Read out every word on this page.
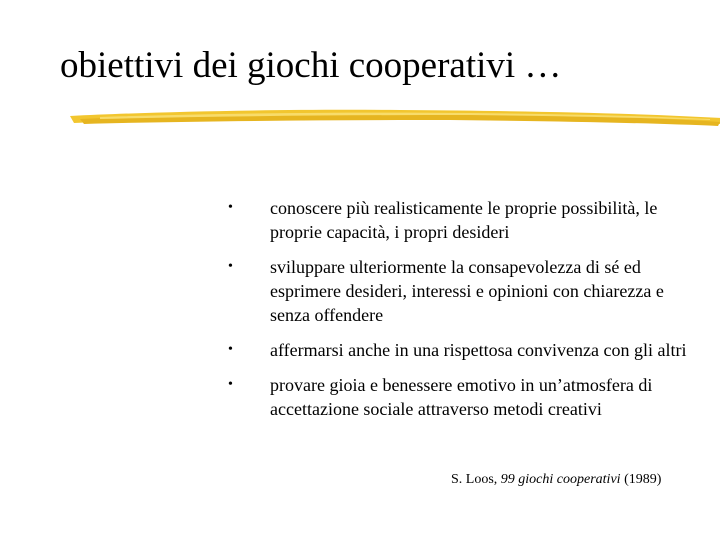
obiettivi dei giochi cooperativi …
• conoscere più realisticamente le proprie possibilità, le proprie capacità, i propri desideri
• sviluppare ulteriormente la consapevolezza di sé ed esprimere desideri, interessi e opinioni con chiarezza e senza offendere
• affermarsi anche in una rispettosa convivenza con gli altri
• provare gioia e benessere emotivo in un’atmosfera di accettazione sociale attraverso metodi creativi
S. Loos, 99 giochi cooperativi (1989)
